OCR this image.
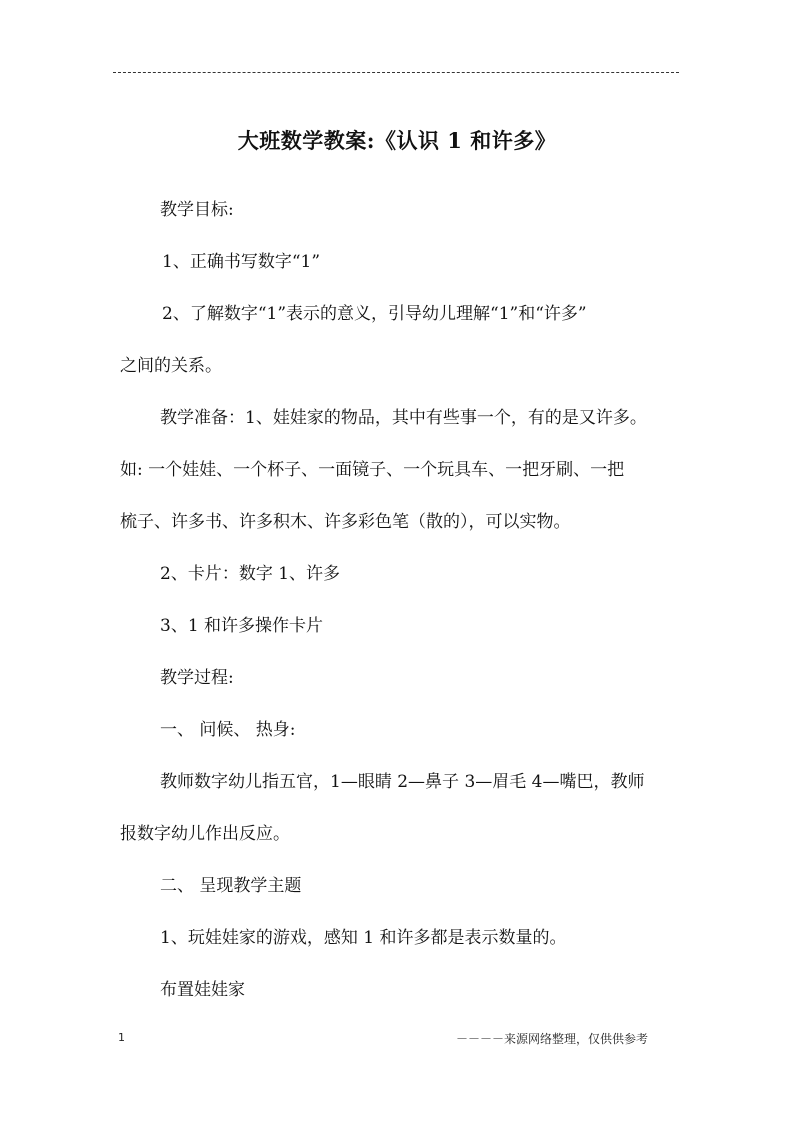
大班数学教案:《认识 1 和许多》
教学目标:
1、正确书写数字“1”
2、了解数字“1”表示的意义，引导幼儿理解“1”和“许多”
之间的关系。
教学准备：1、娃娃家的物品，其中有些事一个，有的是又许多。
如: 一个娃娃、一个杯子、一面镜子、一个玩具车、一把牙刷、一把
梳子、许多书、许多积木、许多彩色笔（散的），可以实物。
2、卡片：数字 1、许多
3、1 和许多操作卡片
教学过程:
一、 问候、 热身:
教师数字幼儿指五官，1—眼睛 2—鼻子 3—眉毛 4—嘴巴，教师
报数字幼儿作出反应。
二、 呈现教学主题
1、玩娃娃家的游戏，感知 1 和许多都是表示数量的。
布置娃娃家
1	－－－－来源网络整理，仅供供参考
